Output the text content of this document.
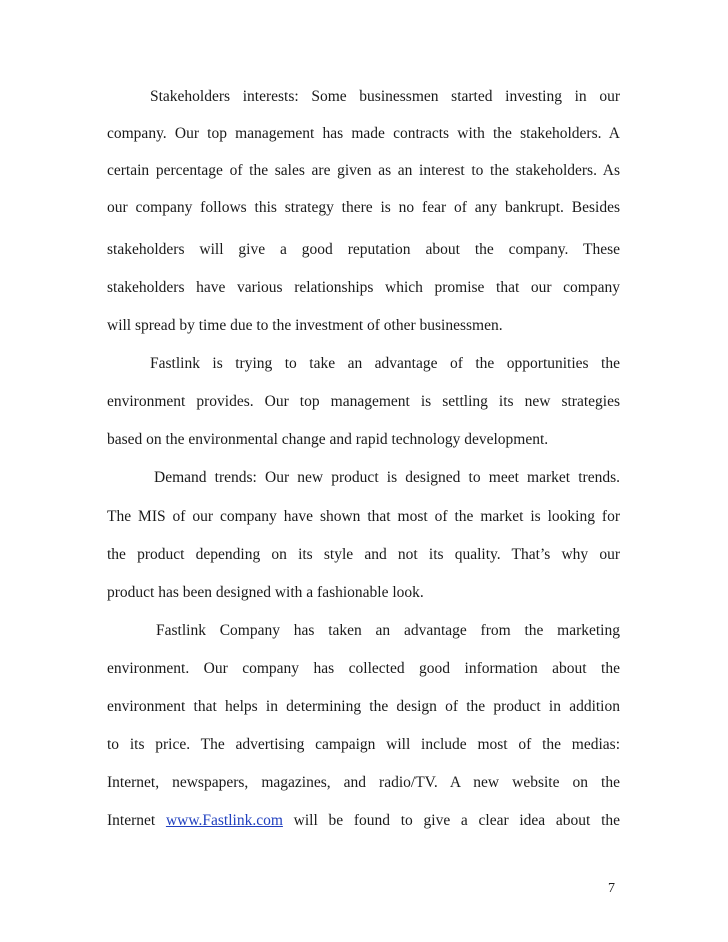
Stakeholders interests: Some businessmen started investing in our
company. Our top management has made contracts with the stakeholders. A
certain percentage of the sales are given as an interest to the stakeholders. As
our company follows this strategy there is no fear of any bankrupt. Besides
stakeholders will give a good reputation about the company. These
stakeholders have various relationships which promise that our company
will spread by time due to the investment of other businessmen.
Fastlink is trying to take an advantage of the opportunities the
environment provides. Our top management is settling its new strategies
based on the environmental change and rapid technology development.
Demand trends: Our new product is designed to meet market trends.
The MIS of our company have shown that most of the market is looking for
the product depending on its style and not its quality. That’s why our
product has been designed with a fashionable look.
Fastlink Company has taken an advantage from the marketing
environment. Our company has collected good information about the
environment that helps in determining the design of the product in addition
to its price. The advertising campaign will include most of the medias:
Internet, newspapers, magazines, and radio/TV. A new website on the
Internet www.Fastlink.com will be found to give a clear idea about the
7
